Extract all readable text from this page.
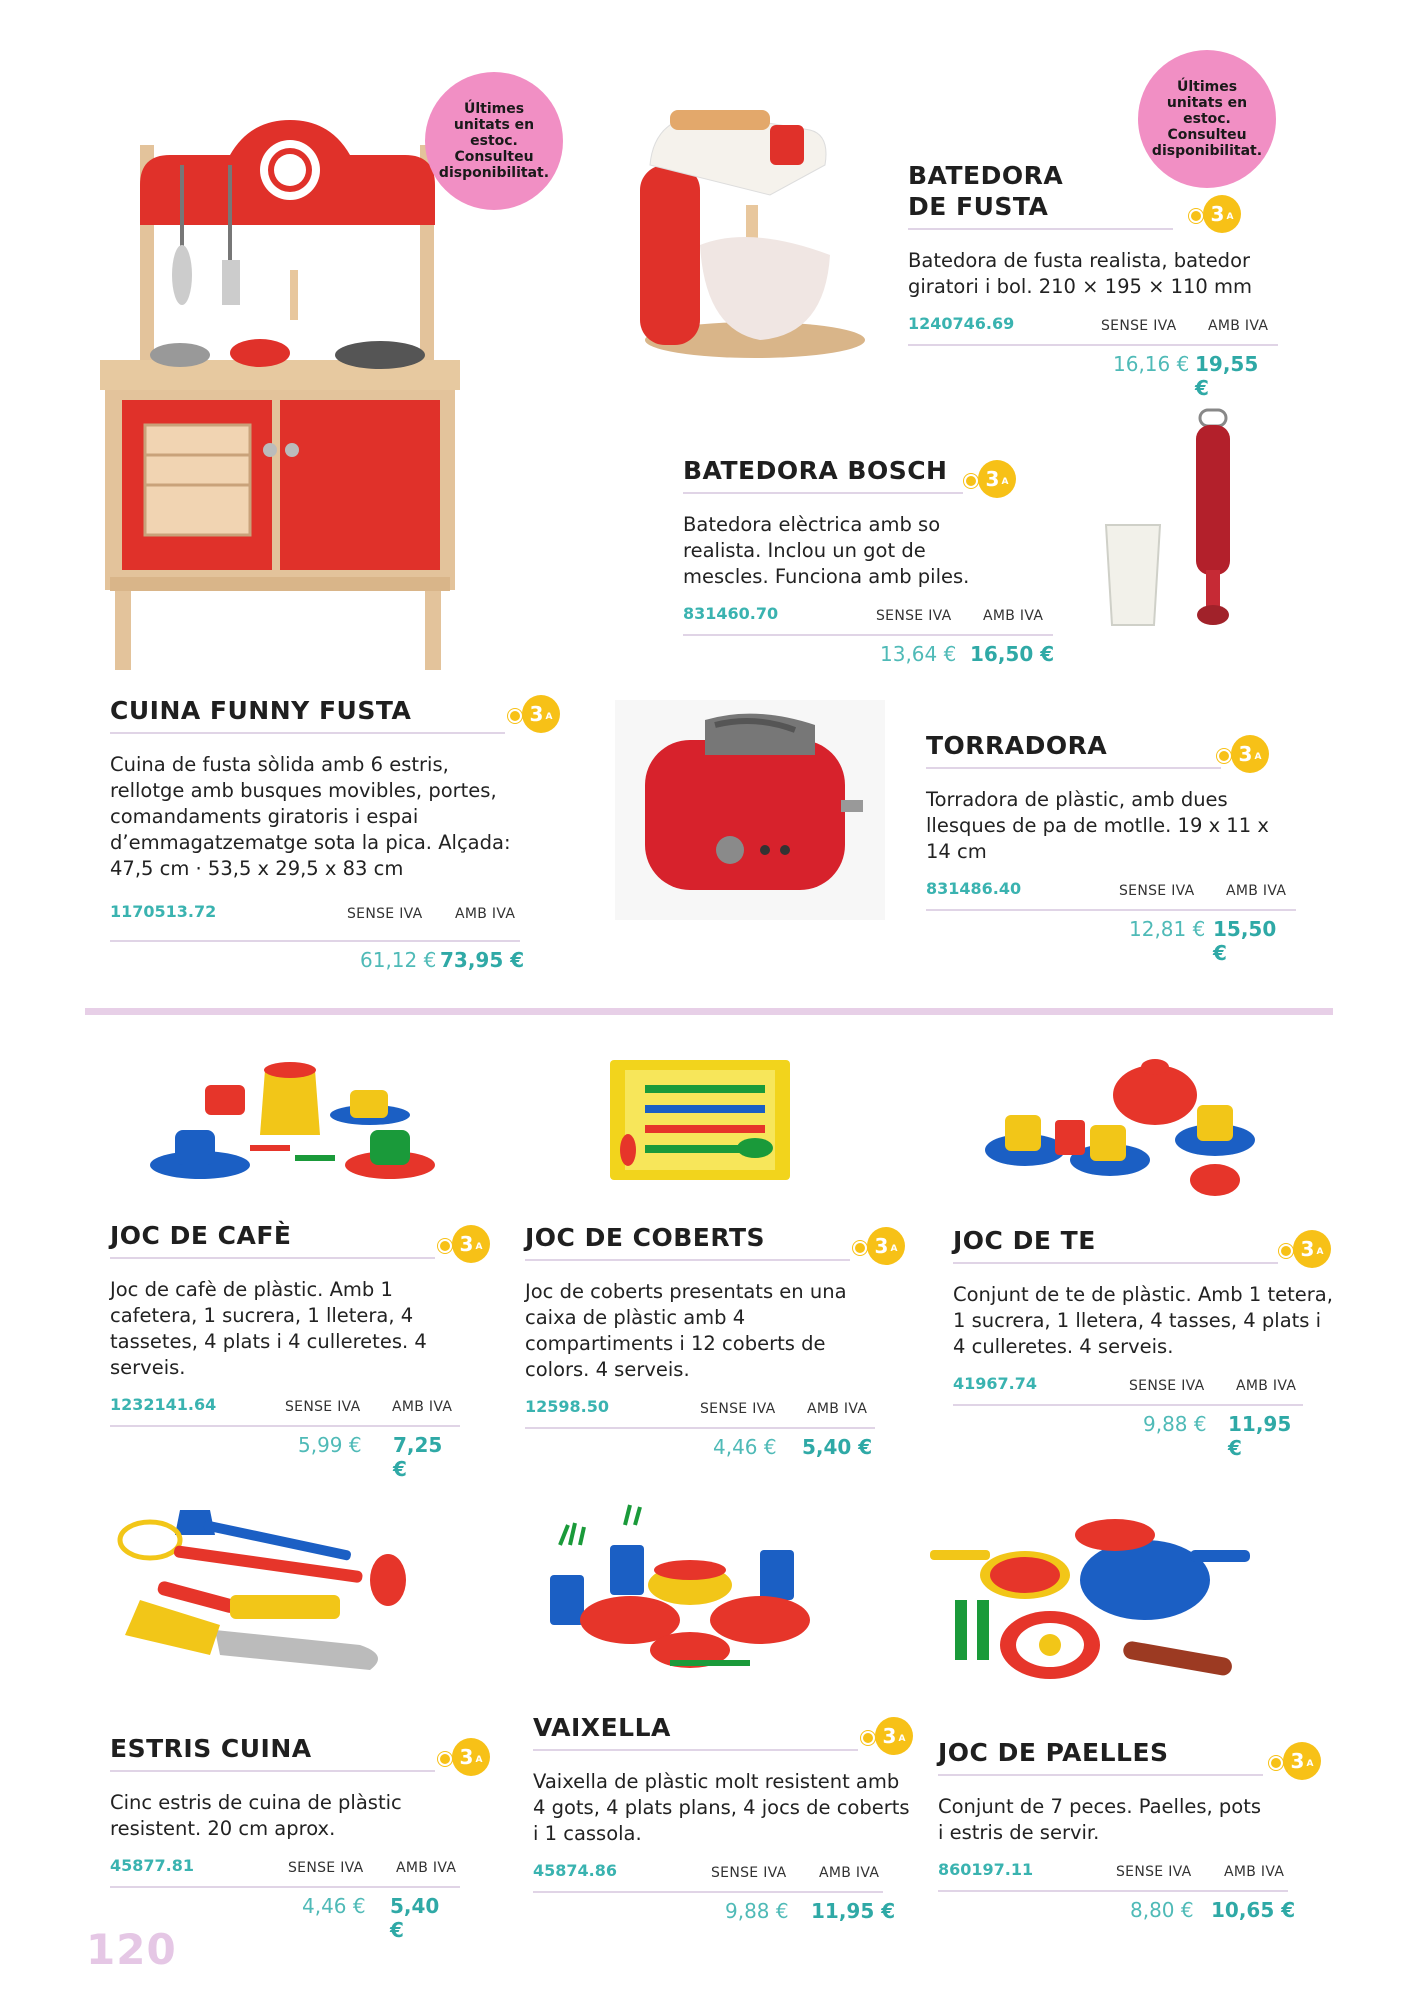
Últimes unitats en estoc. Consulteu disponibilitat.
Últimes unitats en estoc. Consulteu disponibilitat.
CUINA FUNNY FUSTA	3 A
Cuina de fusta sòlida amb 6 estris, rellotge amb busques movibles, portes, comandaments giratoris i espai d’emmagatzematge sota la pica. Alçada: 47,5 cm · 53,5 x 29,5 x 83 cm
1170513.72	SENSE IVA AMB IVA
61,12 € 73,95 €
BATEDORA DE FUSTA	3 A
Batedora de fusta realista, batedor giratori i bol. 210 × 195 × 110 mm
1240746.69	SENSE IVA AMB IVA
16,16 € 19,55 €
BATEDORA BOSCH	3 A
Batedora elèctrica amb so realista. Inclou un got de mescles. Funciona amb piles.
831460.70	SENSE IVA AMB IVA
13,64 € 16,50 €
TORRADORA	3 A
Torradora de plàstic, amb dues llesques de pa de motlle. 19 x 11 x 14 cm
831486.40	SENSE IVA AMB IVA
12,81 € 15,50 €
JOC DE CAFÈ	3 A
Joc de cafè de plàstic. Amb 1 cafetera, 1 sucrera, 1 lletera, 4 tassetes, 4 plats i 4 culleretes. 4 serveis.
1232141.64	SENSE IVA AMB IVA
5,99 € 7,25 €
JOC DE COBERTS	3 A
Joc de coberts presentats en una caixa de plàstic amb 4 compartiments i 12 coberts de colors. 4 serveis.
12598.50	SENSE IVA AMB IVA
4,46 € 5,40 €
JOC DE TE	3 A
Conjunt de te de plàstic. Amb 1 tetera, 1 sucrera, 1 lletera, 4 tasses, 4 plats i 4 culleretes. 4 serveis.
41967.74	SENSE IVA AMB IVA
9,88 € 11,95 €
ESTRIS CUINA	3 A
Cinc estris de cuina de plàstic resistent. 20 cm aprox.
45877.81	SENSE IVA AMB IVA
4,46 € 5,40 €
VAIXELLA	3 A
Vaixella de plàstic molt resistent amb 4 gots, 4 plats plans, 4 jocs de coberts i 1 cassola.
45874.86	SENSE IVA AMB IVA
9,88 € 11,95 €
JOC DE PAELLES	3 A
Conjunt de 7 peces. Paelles, pots i estris de servir.
860197.11	SENSE IVA AMB IVA
8,80 € 10,65 €
120
